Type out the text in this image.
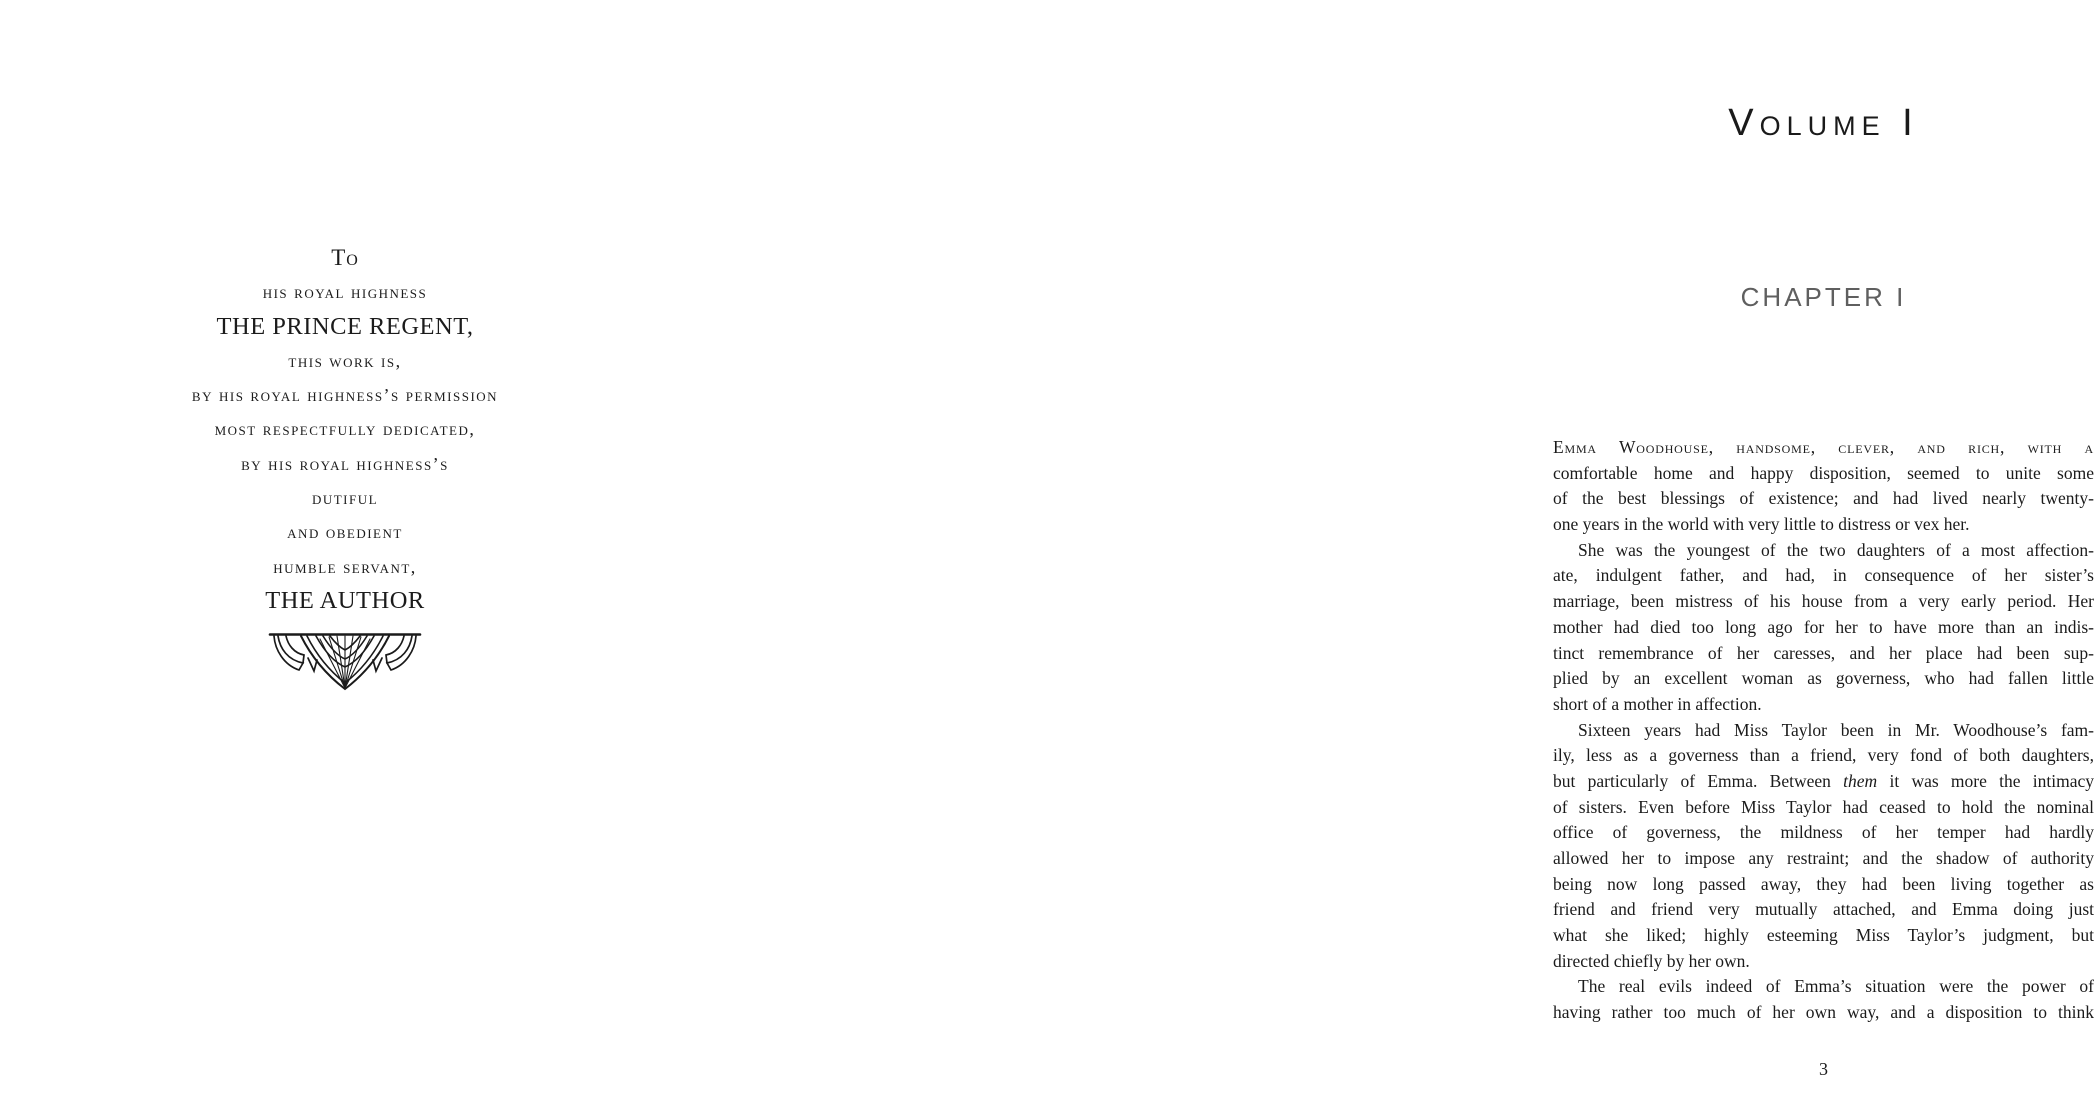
To
his royal highness
THE PRINCE REGENT,
this work is,
by his royal highness’s permission
most respectfully dedicated,
by his royal highness’s
dutiful
and obedient
humble servant,
THE AUTHOR
Volume I
CHAPTER I
Emma Woodhouse, handsome, clever, and rich, with a
comfortable home and happy disposition, seemed to unite some
of the best blessings of existence; and had lived nearly twenty-
one years in the world with very little to distress or vex her.
She was the youngest of the two daughters of a most affection-
ate, indulgent father, and had, in consequence of her sister’s
marriage, been mistress of his house from a very early period. Her
mother had died too long ago for her to have more than an indis-
tinct remembrance of her caresses, and her place had been sup-
plied by an excellent woman as governess, who had fallen little
short of a mother in affection.
Sixteen years had Miss Taylor been in Mr. Woodhouse’s fam-
ily, less as a governess than a friend, very fond of both daughters,
but particularly of Emma. Between them it was more the intimacy
of sisters. Even before Miss Taylor had ceased to hold the nominal
office of governess, the mildness of her temper had hardly
allowed her to impose any restraint; and the shadow of authority
being now long passed away, they had been living together as
friend and friend very mutually attached, and Emma doing just
what she liked; highly esteeming Miss Taylor’s judgment, but
directed chiefly by her own.
The real evils indeed of Emma’s situation were the power of
having rather too much of her own way, and a disposition to think
3
